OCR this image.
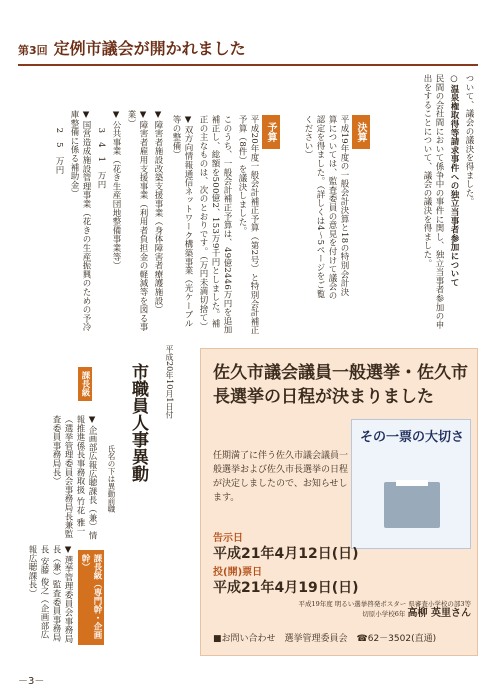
第3回 定例市議会が開かれました

ついて、議会の議決を得ました。

○温泉権取得等請求事件への独立当事者参加について

民間の会社間において係争中の事件に関し、独立当事者参加の申出をすることについて、議会の議決を得ました。

決算

平成19年度の一般会計決算と18の特別会計決算については、監査委員の意見を付けて議会の認定を得ました。（詳しくは4～5ページをご覧ください）

予算

平成20年度一般会計補正予算（第2号）と特別会計補正予算（8件）を議決しました。

このうち、一般会計補正予算は、49億2446万円を追加補正し、総額を500億2、153万9千円としました。補正の主なものは、次のとおりです。（万円未満切捨て）

▼双方向情報通信ネットワーク構築事業（光ケーブル等の整備）

▼障害者施設改築支援事業（身体障害者療護施設）

▼障害者雇用支援事業（利用者負担金の軽減等を図る事業）

▼公共事業（花き生産団地整備事業等）

　　3　4　1　万円

▼国営造成施設管理事業（花きの生産振興のための予冷庫整備に係る補助金）

　　2　5　万円

平成20年10月1日付
市職員人事異動
氏名の下は異動前職
課長級

▼企画部広報広聴課長（兼）情報推進係長事務取扱 竹花 雅一（選挙管理委員会事務局長兼監査委員事務局長）

課長級（専門幹・企画幹）

▼選挙管理委員会事務局長（兼）監査委員事務局長 安藤 俊之（企画部広報広聴課長）

佐久市議会議員一般選挙・佐久市長選挙の日程が決まりました
その一票の大切さ
任期満了に伴う佐久市議会議員一般選挙および佐久市長選挙の日程が決定しましたので、お知らせします。
告示日
平成21年4月12日(日)
投(開)票日
平成21年4月19日(日)
平成19年度 明るい選挙啓発ポスター 県審査小学校の部3等
切原小学校6年 高柳 英里さん
■お問い合わせ　選挙管理委員会　☎62－3502(直通)
－3－
